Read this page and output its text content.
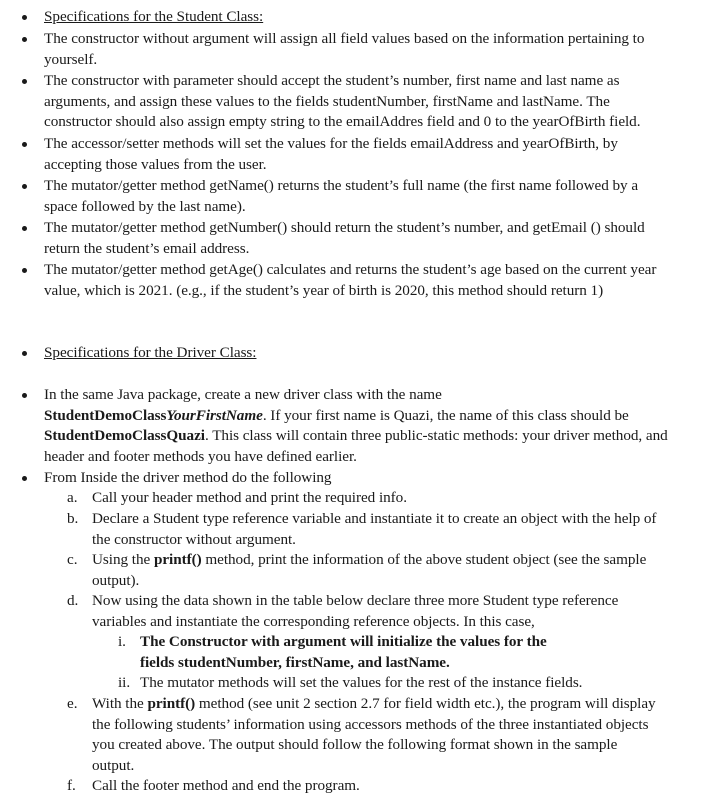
Specifications for the Student Class:
The constructor without argument will assign all field values based on the information pertaining to yourself.
The constructor with parameter should accept the student’s number, first name and last name as arguments, and assign these values to the fields studentNumber, firstName and lastName. The constructor should also assign empty string to the emailAddres field and 0 to the yearOfBirth field.
The accessor/setter methods will set the values for the fields emailAddress and yearOfBirth, by accepting those values from the user.
The mutator/getter method getName() returns the student’s full name (the first name followed by a space followed by the last name).
The mutator/getter method getNumber() should return the student’s number, and getEmail () should return the student’s email address.
The mutator/getter method getAge() calculates and returns the student’s age based on the current year value, which is 2021. (e.g., if the student’s year of birth is 2020, this method should return 1)
Specifications for the Driver Class:
In the same Java package, create a new driver class with the name
StudentDemoClassYourFirstName. If your first name is Quazi, the name of this class should be StudentDemoClassQuazi. This class will contain three public-static methods: your driver method, and header and footer methods you have defined earlier.
From Inside the driver method do the following
a. Call your header method and print the required info.
b. Declare a Student type reference variable and instantiate it to create an object with the help of the constructor without argument.
c. Using the printf() method, print the information of the above student object (see the sample output).
d. Now using the data shown in the table below declare three more Student type reference variables and instantiate the corresponding reference objects. In this case,
i. The Constructor with argument will initialize the values for the fields studentNumber, firstName, and lastName.
ii. The mutator methods will set the values for the rest of the instance fields.
e. With the printf() method (see unit 2 section 2.7 for field width etc.), the program will display the following students’ information using accessors methods of the three instantiated objects you created above. The output should follow the following format shown in the sample output.
f. Call the footer method and end the program.
